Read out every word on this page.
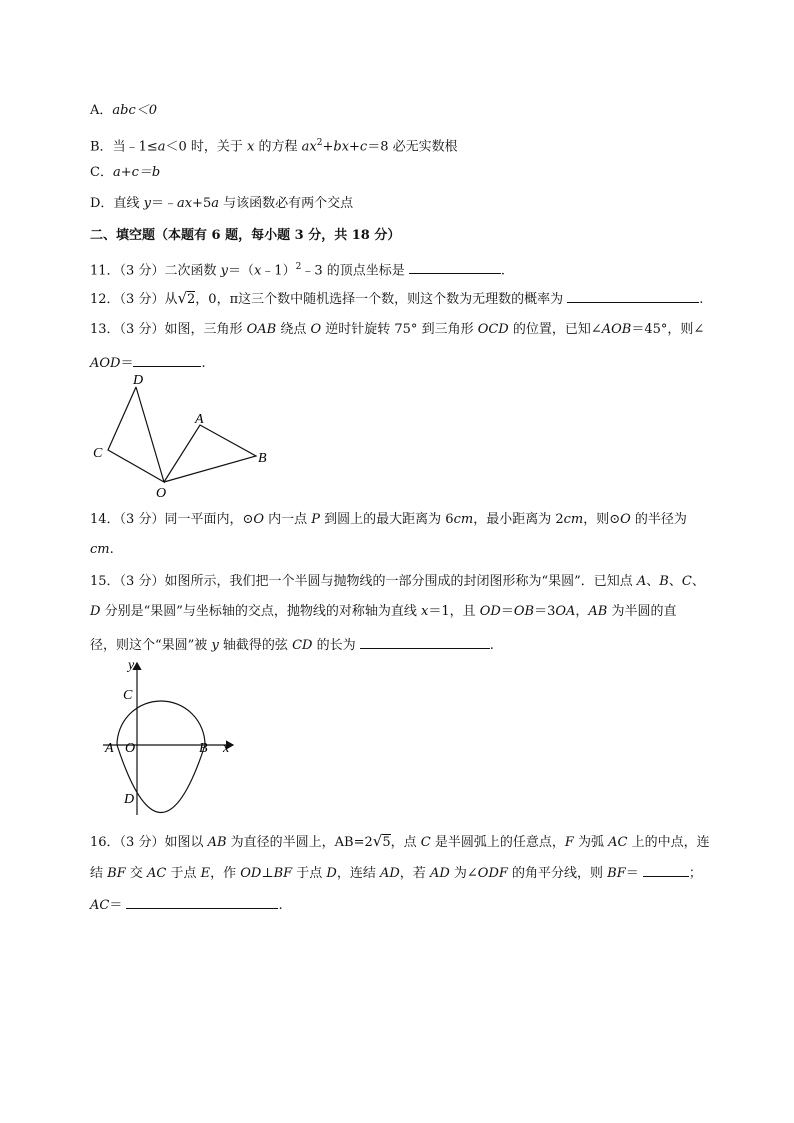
A．abc＜0
B．当﹣1≤a＜0 时，关于 x 的方程 $ax^2+bx+c=8$ 必无实数根
C．a+c＝b
D．直线 y＝﹣ax+5a 与该函数必有两个交点
二、填空题（本题有 6 题，每小题 3 分，共 18 分）
11．（3 分）二次函数 y＝（x﹣1）$^2$﹣3 的顶点坐标是	.
12．（3 分）从√2，0，π这三个数中随机选择一个数，则这个数为无理数的概率为	.
13．（3 分）如图，三角形 OAB 绕点 O 逆时针旋转 75° 到三角形 OCD 的位置，已知∠AOB＝45°，则∠
AOD＝	.
D
C
A
B
O
14．（3 分）同一平面内，⊙O 内一点 P 到圆上的最大距离为 6cm，最小距离为 2cm，则⊙O 的半径为
cm.
15．（3 分）如图所示，我们把一个半圆与抛物线的一部分围成的封闭图形称为“果圆”．已知点 A、B、C、
D 分别是“果圆”与坐标轴的交点，抛物线的对称轴为直线 x＝1，且 OD＝OB＝3OA，AB 为半圆的直
径，则这个“果圆”被 y 轴截得的弦 CD 的长为	.
y
x
C
A O	B
D
16．（3 分）如图以 AB 为直径的半圆上，AB=2√5，点 C 是半圆弧上的任意点，F 为弧 AC 上的中点，连
结 BF 交 AC 于点 E，作 OD⊥BF 于点 D，连结 AD，若 AD 为∠ODF 的角平分线，则 BF＝	；
AC＝	.
